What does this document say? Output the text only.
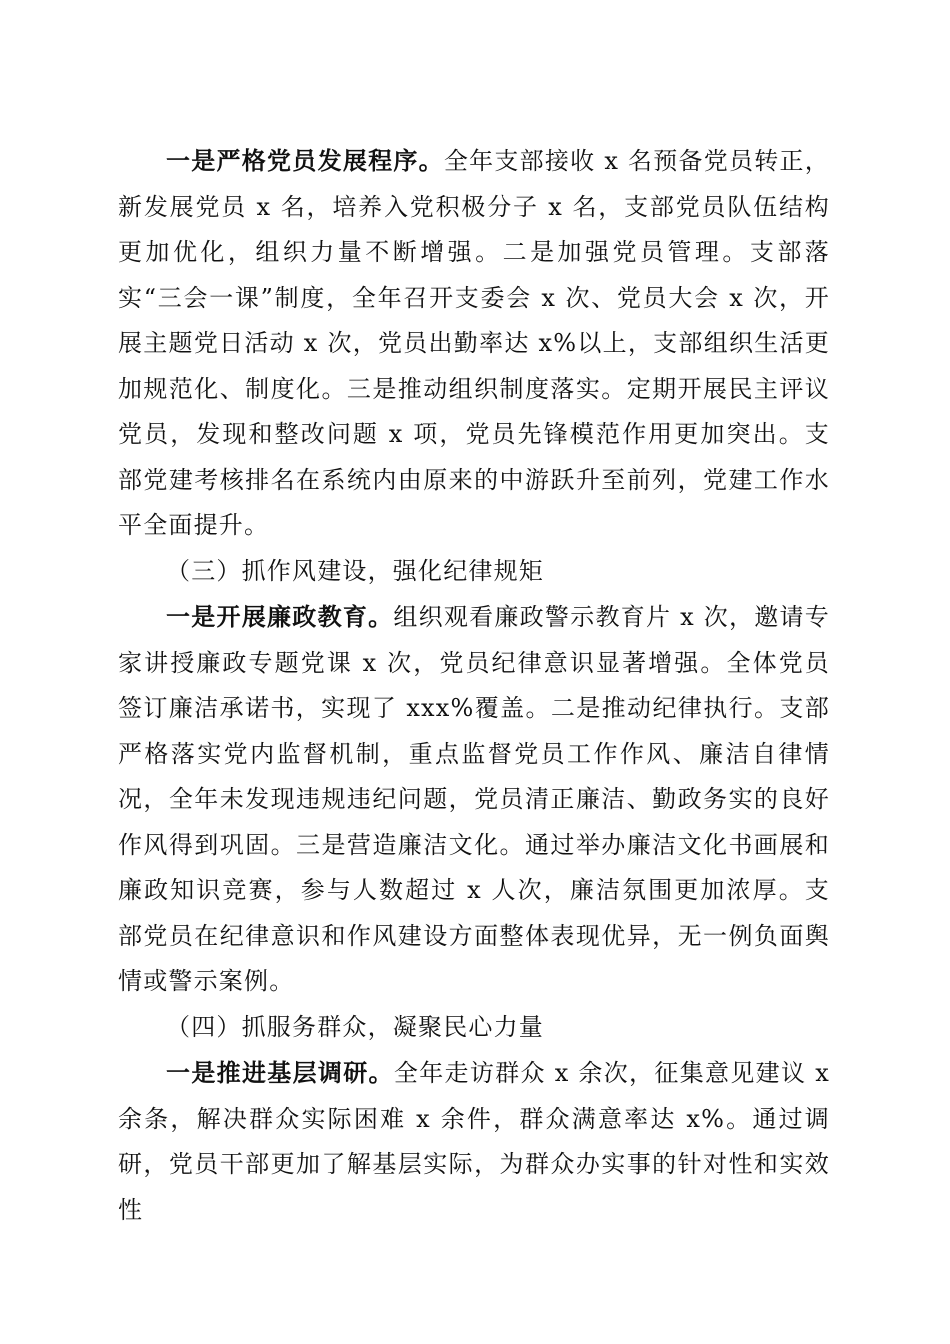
一是严格党员发展程序。全年支部接收 x 名预备党员转正，新发展党员 x 名，培养入党积极分子 x 名，支部党员队伍结构更加优化，组织力量不断增强。二是加强党员管理。支部落实“三会一课”制度，全年召开支委会 x 次、党员大会 x 次，开展主题党日活动 x 次，党员出勤率达 x%以上，支部组织生活更加规范化、制度化。三是推动组织制度落实。定期开展民主评议党员，发现和整改问题 x 项，党员先锋模范作用更加突出。支部党建考核排名在系统内由原来的中游跃升至前列，党建工作水平全面提升。

（三）抓作风建设，强化纪律规矩

一是开展廉政教育。组织观看廉政警示教育片 x 次，邀请专家讲授廉政专题党课 x 次，党员纪律意识显著增强。全体党员签订廉洁承诺书，实现了 xxx%覆盖。二是推动纪律执行。支部严格落实党内监督机制，重点监督党员工作作风、廉洁自律情况，全年未发现违规违纪问题，党员清正廉洁、勤政务实的良好作风得到巩固。三是营造廉洁文化。通过举办廉洁文化书画展和廉政知识竞赛，参与人数超过 x 人次，廉洁氛围更加浓厚。支部党员在纪律意识和作风建设方面整体表现优异，无一例负面舆情或警示案例。

（四）抓服务群众，凝聚民心力量

一是推进基层调研。全年走访群众 x 余次，征集意见建议 x 余条，解决群众实际困难 x 余件，群众满意率达 x%。通过调研，党员干部更加了解基层实际，为群众办实事的针对性和实效性
